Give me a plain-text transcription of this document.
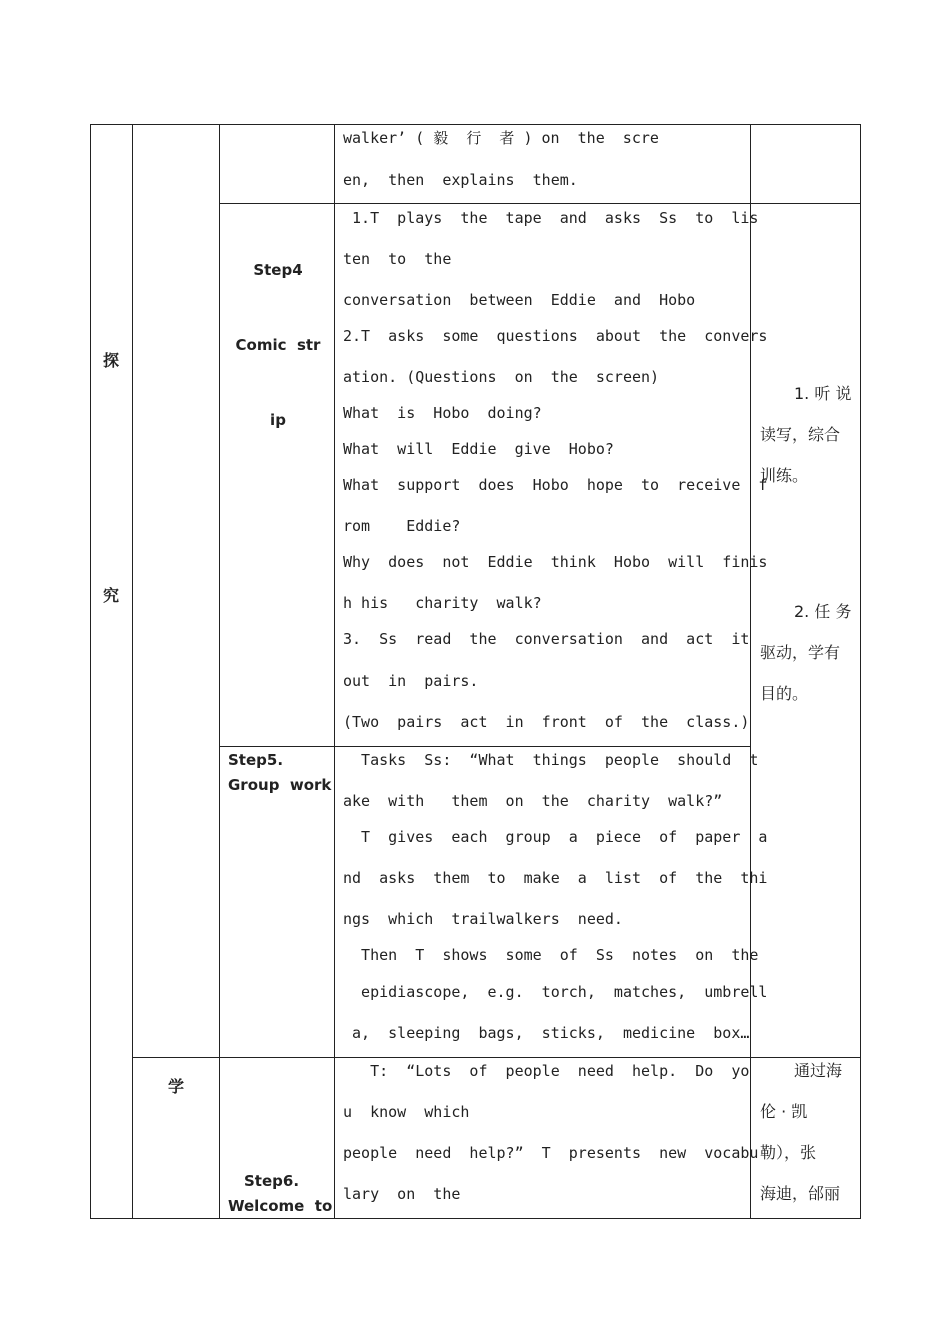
探
究
学
walker’ ( 毅  行  者 ) on  the  scre
en,  then  explains  them.

Step4

Comic  str

ip

1.T  plays  the  tape  and  asks  Ss  to  lis
ten  to  the
conversation  between  Eddie  and  Hobo
2.T  asks  some  questions  about  the  convers
ation. (Questions  on  the  screen)
What  is  Hobo  doing?
What  will  Eddie  give  Hobo?
What  support  does  Hobo  hope  to  receive  f
rom    Eddie?
Why  does  not  Eddie  think  Hobo  will  finis
h his   charity  walk?
3.  Ss  read  the  conversation  and  act  it
out  in  pairs.
(Two  pairs  act  in  front  of  the  class.)
1. 听 说
读写，综合
训练。
2. 任 务
驱动，学有
目的。
Step5.
Group  work
Tasks  Ss:  “What  things  people  should  t
ake  with   them  on  the  charity  walk?”
T  gives  each  group  a  piece  of  paper  a
nd  asks  them  to  make  a  list  of  the  thi
ngs  which  trailwalkers  need.
Then  T  shows  some  of  Ss  notes  on  the
epidiascope,  e.g.  torch,  matches,  umbrell
a,  sleeping  bags,  sticks,  medicine  box…
Step6.
Welcome  to
T:  “Lots  of  people  need  help.  Do  yo
u  know  which
people  need  help?”  T  presents  new  vocabu
lary  on  the
通过海
伦 · 凯
勒），张
海迪，邰丽
